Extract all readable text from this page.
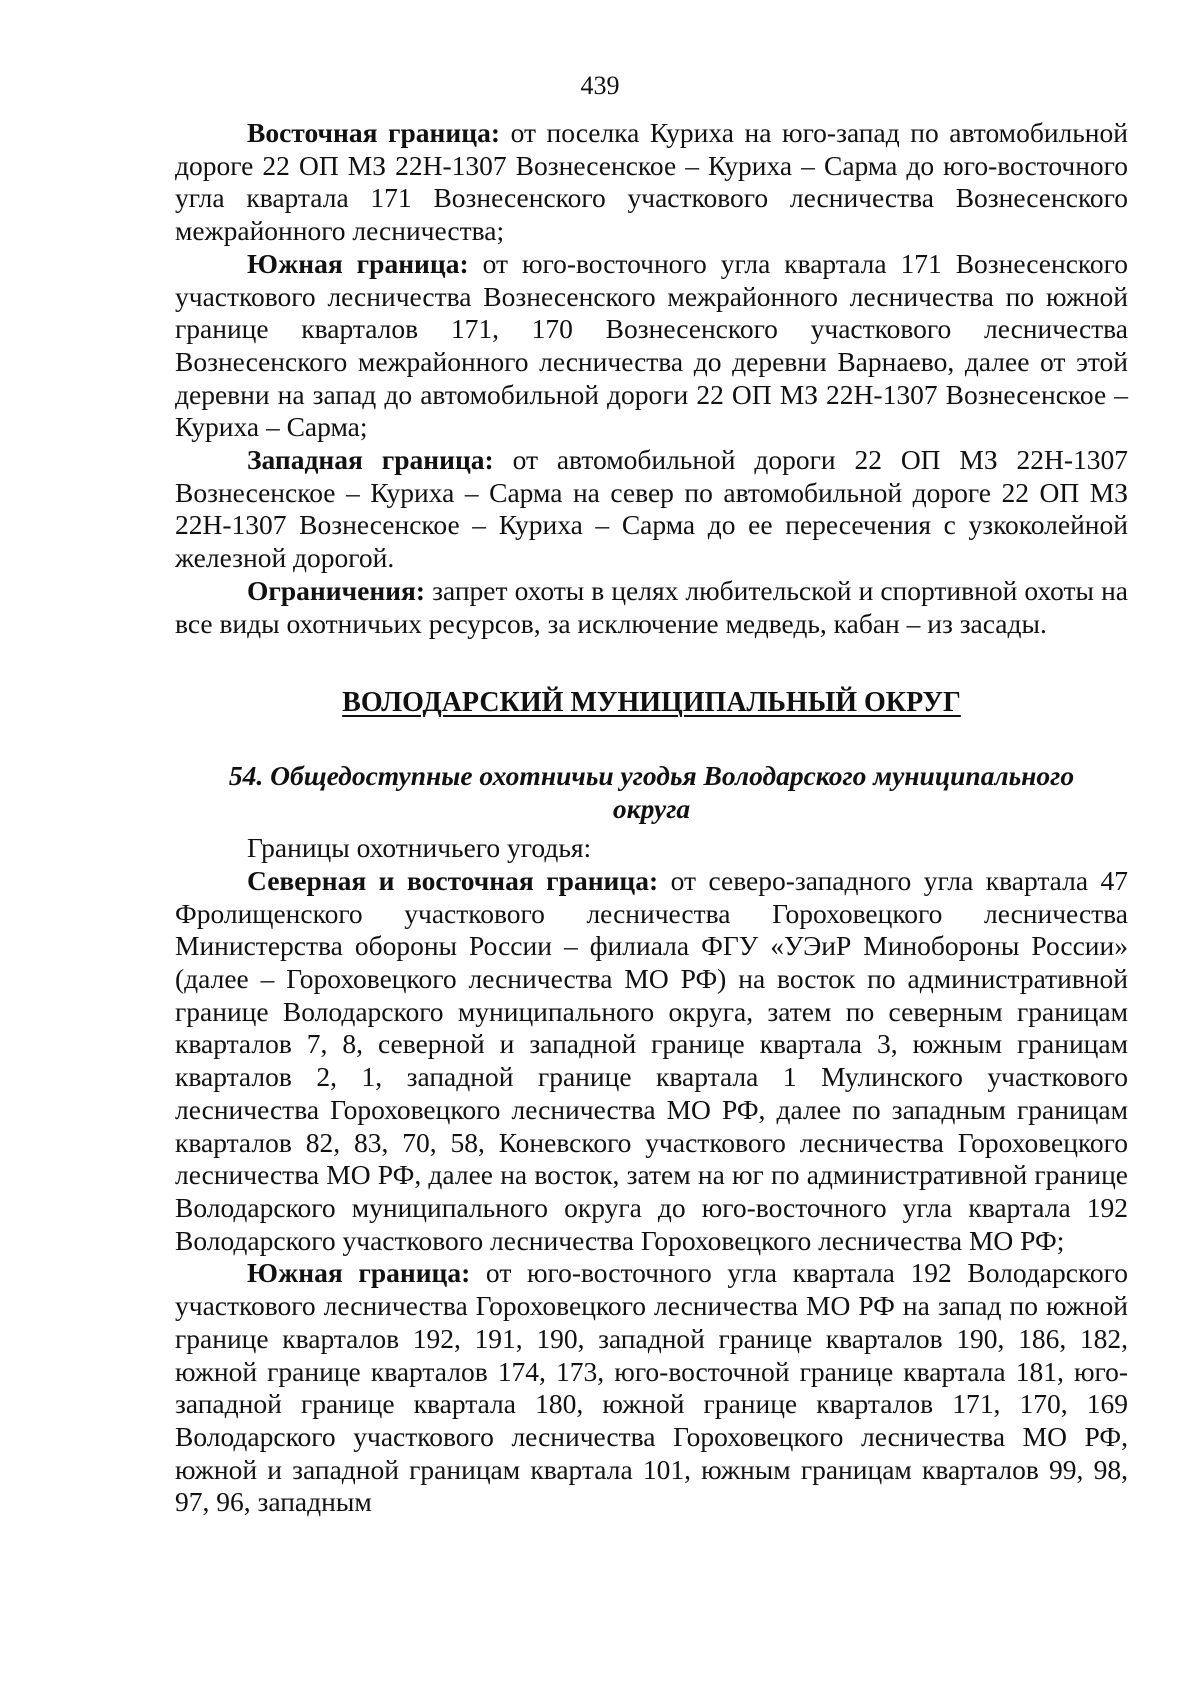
439

Восточная граница: от поселка Куриха на юго-запад по автомобильной дороге 22 ОП МЗ 22Н-1307 Вознесенское – Куриха – Сарма до юго-восточного угла квартала 171 Вознесенского участкового лесничества Вознесенского межрайонного лесничества;

Южная граница: от юго-восточного угла квартала 171 Вознесенского участкового лесничества Вознесенского межрайонного лесничества по южной границе кварталов 171, 170 Вознесенского участкового лесничества Вознесенского межрайонного лесничества до деревни Варнаево, далее от этой деревни на запад до автомобильной дороги 22 ОП МЗ 22Н-1307 Вознесенское – Куриха – Сарма;

Западная граница: от автомобильной дороги 22 ОП МЗ 22Н-1307 Вознесенское – Куриха – Сарма на север по автомобильной дороге 22 ОП МЗ 22Н-1307 Вознесенское – Куриха – Сарма до ее пересечения с узкоколейной железной дорогой.

Ограничения: запрет охоты в целях любительской и спортивной охоты на все виды охотничьих ресурсов, за исключение медведь, кабан – из засады.

ВОЛОДАРСКИЙ МУНИЦИПАЛЬНЫЙ ОКРУГ

54. Общедоступные охотничьи угодья Володарского муниципального округа

Границы охотничьего угодья:

Северная и восточная граница: от северо-западного угла квартала 47 Фролищенского участкового лесничества Гороховецкого лесничества Министерства обороны России – филиала ФГУ «УЭиР Минобороны России» (далее – Гороховецкого лесничества МО РФ) на восток по административной границе Володарского муниципального округа, затем по северным границам кварталов 7, 8, северной и западной границе квартала 3, южным границам кварталов 2, 1, западной границе квартала 1 Мулинского участкового лесничества Гороховецкого лесничества МО РФ, далее по западным границам кварталов 82, 83, 70, 58, Коневского участкового лесничества Гороховецкого лесничества МО РФ, далее на восток, затем на юг по административной границе Володарского муниципального округа до юго-восточного угла квартала 192 Володарского участкового лесничества Гороховецкого лесничества МО РФ;

Южная граница: от юго-восточного угла квартала 192 Володарского участкового лесничества Гороховецкого лесничества МО РФ на запад по южной границе кварталов 192, 191, 190, западной границе кварталов 190, 186, 182, южной границе кварталов 174, 173, юго-восточной границе квартала 181, юго-западной границе квартала 180, южной границе кварталов 171, 170, 169 Володарского участкового лесничества Гороховецкого лесничества МО РФ, южной и западной границам квартала 101, южным границам кварталов 99, 98, 97, 96, западным
